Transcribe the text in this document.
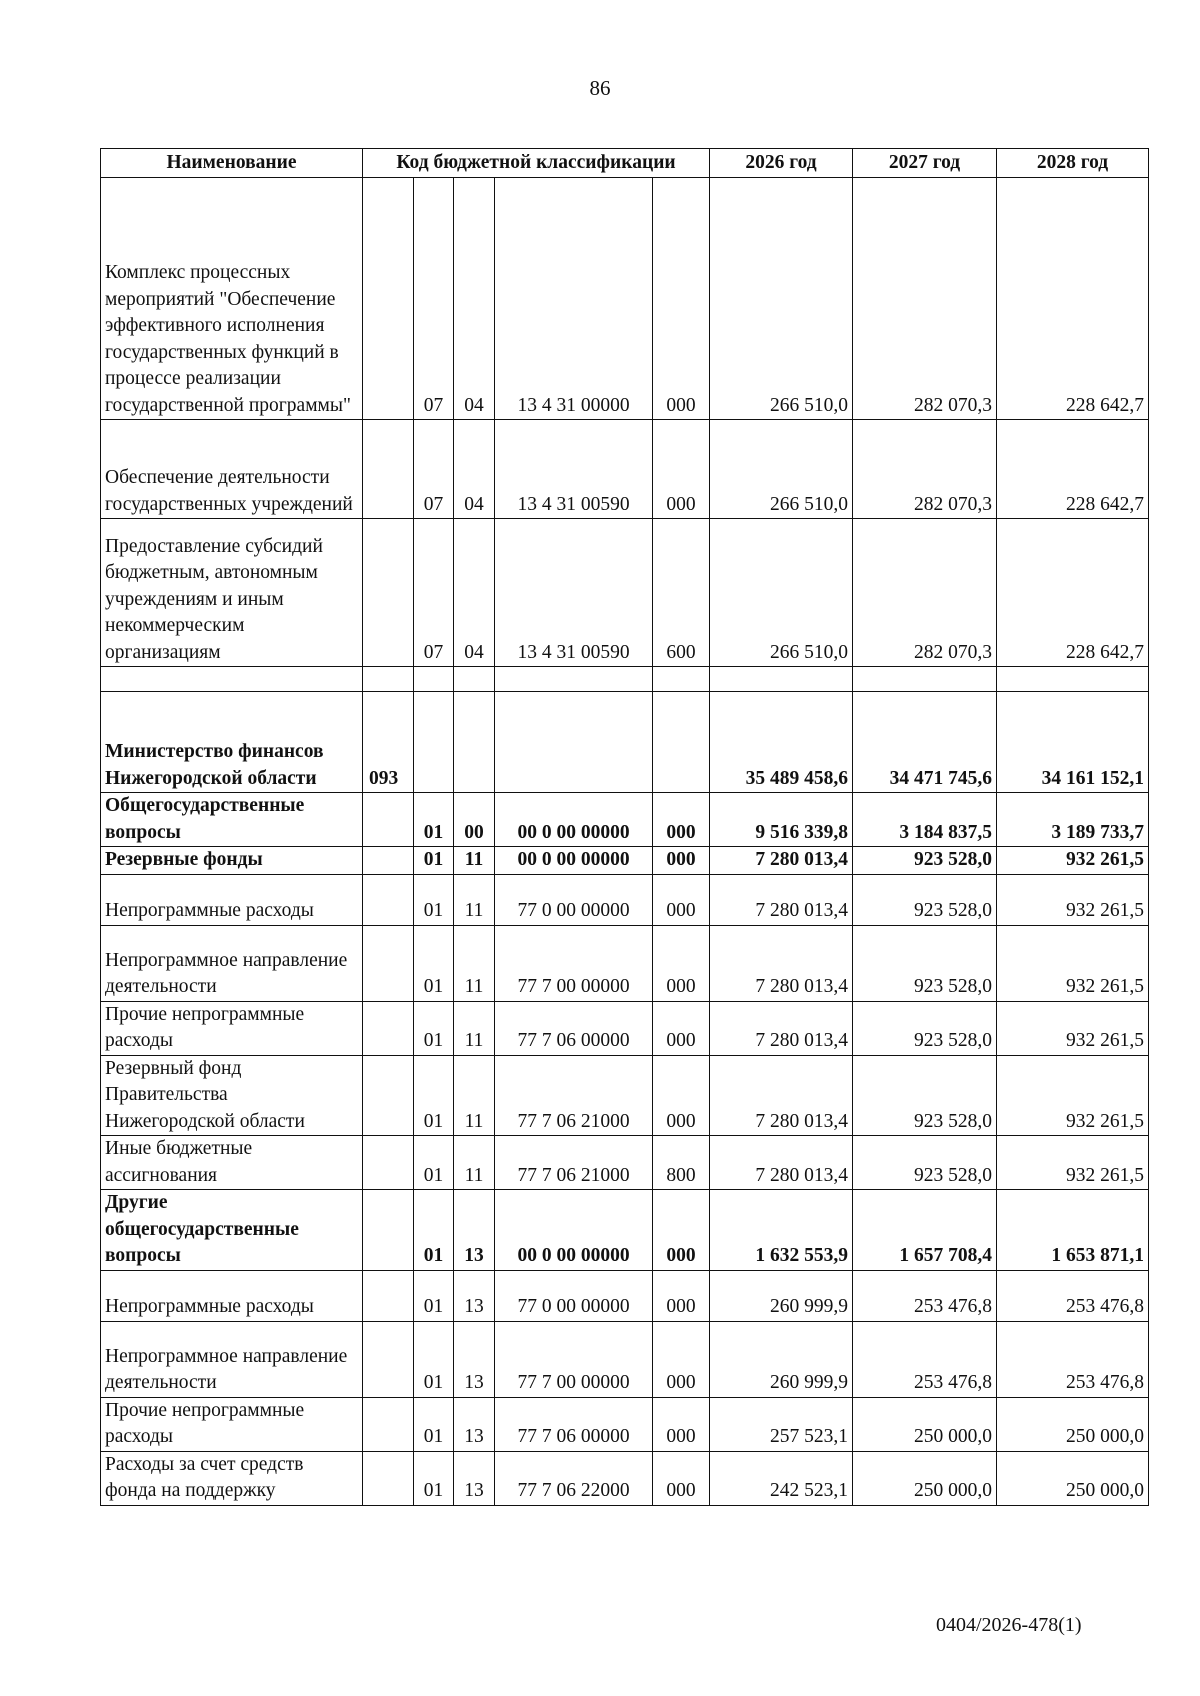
86
Наименование	Код бюджетной классификации					2026 год	2027 год	2028 год
Комплекс процессных мероприятий "Обеспечение эффективного исполнения государственных функций в процессе реализации государственной программы"		07	04	13 4 31 00000	000	266 510,0	282 070,3	228 642,7
Обеспечение деятельности государственных учреждений		07	04	13 4 31 00590	000	266 510,0	282 070,3	228 642,7
Предоставление субсидий бюджетным, автономным учреждениям и иным некоммерческим организациям		07	04	13 4 31 00590	600	266 510,0	282 070,3	228 642,7

Министерство финансов Нижегородской области	093					35 489 458,6	34 471 745,6	34 161 152,1
Общегосударственные вопросы		01	00	00 0 00 00000	000	9 516 339,8	3 184 837,5	3 189 733,7
Резервные фонды		01	11	00 0 00 00000	000	7 280 013,4	923 528,0	932 261,5
Непрограммные расходы		01	11	77 0 00 00000	000	7 280 013,4	923 528,0	932 261,5
Непрограммное направление деятельности		01	11	77 7 00 00000	000	7 280 013,4	923 528,0	932 261,5
Прочие непрограммные расходы		01	11	77 7 06 00000	000	7 280 013,4	923 528,0	932 261,5
Резервный фонд Правительства Нижегородской области		01	11	77 7 06 21000	000	7 280 013,4	923 528,0	932 261,5
Иные бюджетные ассигнования		01	11	77 7 06 21000	800	7 280 013,4	923 528,0	932 261,5
Другие общегосударственные вопросы		01	13	00 0 00 00000	000	1 632 553,9	1 657 708,4	1 653 871,1
Непрограммные расходы		01	13	77 0 00 00000	000	260 999,9	253 476,8	253 476,8
Непрограммное направление деятельности		01	13	77 7 00 00000	000	260 999,9	253 476,8	253 476,8
Прочие непрограммные расходы		01	13	77 7 06 00000	000	257 523,1	250 000,0	250 000,0
Расходы за счет средств фонда на поддержку		01	13	77 7 06 22000	000	242 523,1	250 000,0	250 000,0
0404/2026-478(1)
